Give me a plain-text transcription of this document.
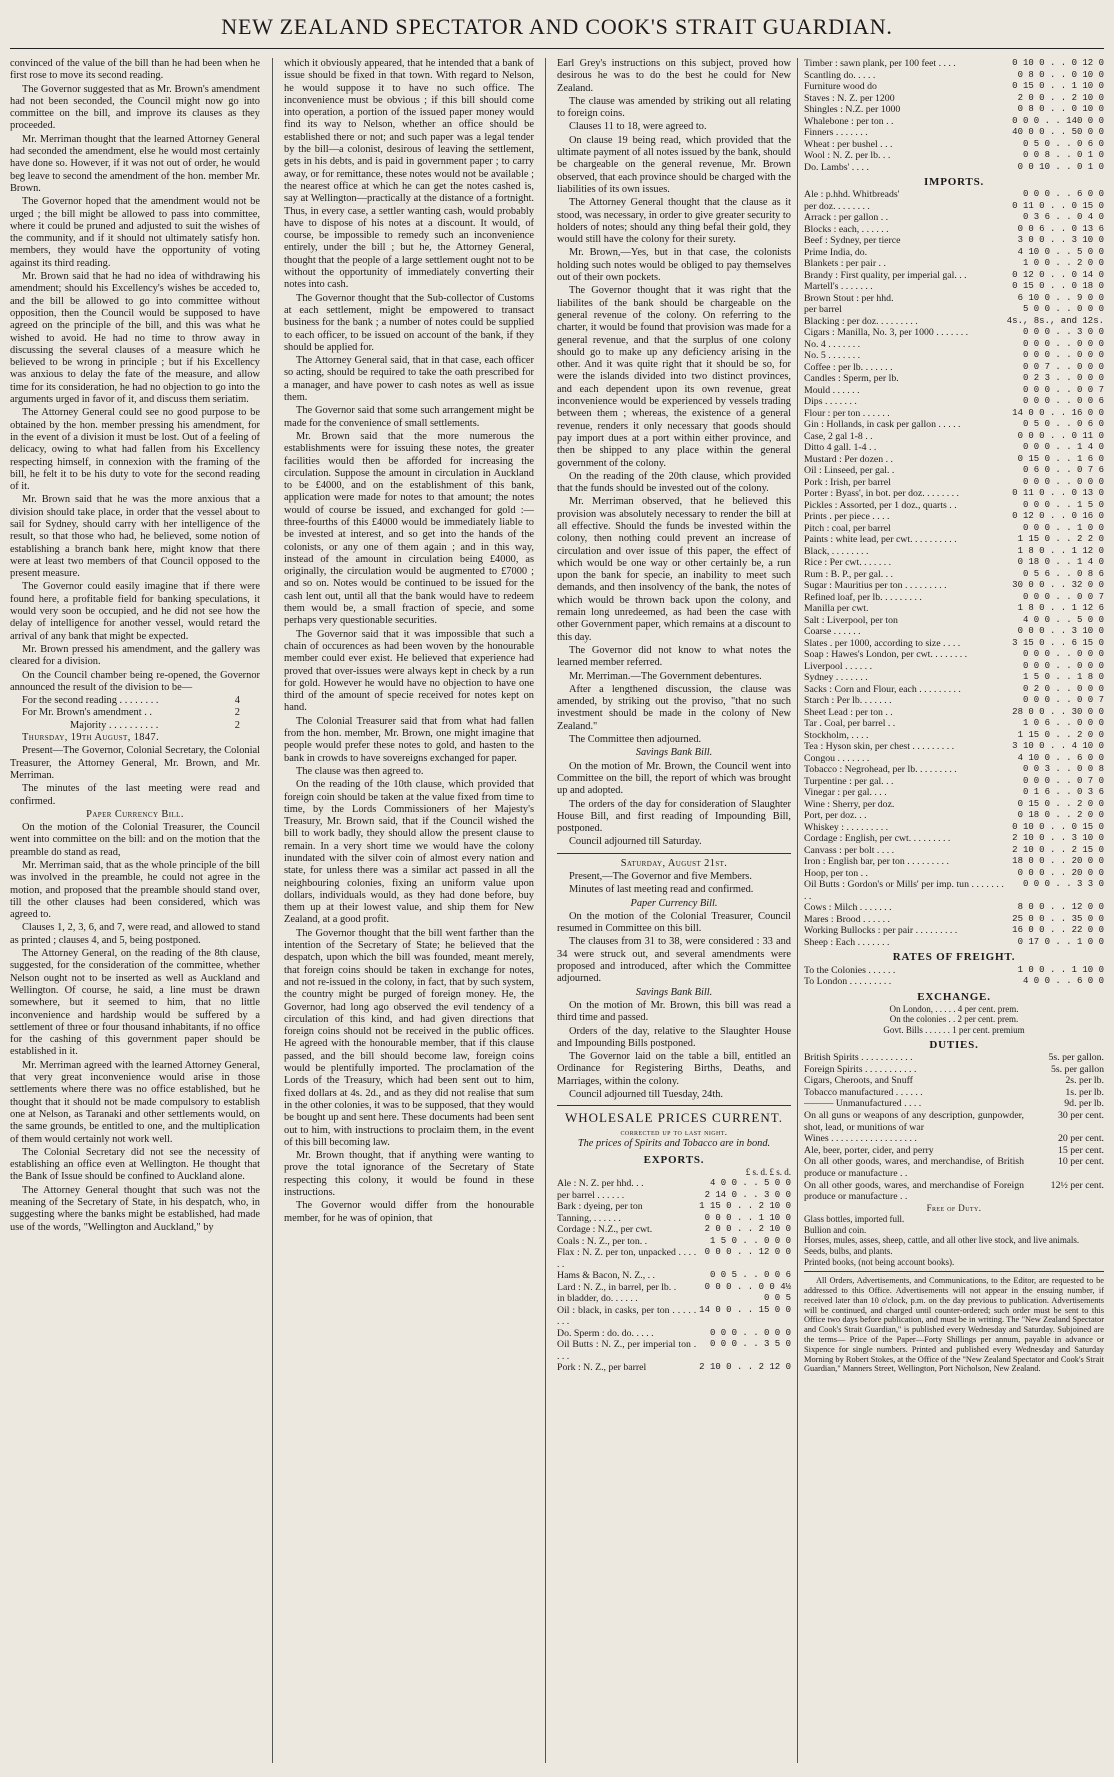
NEW ZEALAND SPECTATOR AND COOK'S STRAIT GUARDIAN.

convinced of the value of the bill than he had been when he first rose to move its second reading.

The Governor suggested that as Mr. Brown's amendment had not been seconded, the Council might now go into committee on the bill, and improve its clauses as they proceeded.

Mr. Merriman thought that the learned Attorney General had seconded the amendment, else he would most certainly have done so. However, if it was not out of order, he would beg leave to second the amendment of the hon. member Mr. Brown.

The Governor hoped that the amendment would not be urged ; the bill might be allowed to pass into committee, where it could be pruned and adjusted to suit the wishes of the community, and if it should not ultimately satisfy hon. members, they would have the opportunity of voting against its third reading.

Mr. Brown said that he had no idea of withdrawing his amendment; should his Excellency's wishes be acceded to, and the bill be allowed to go into committee without opposition, then the Council would be supposed to have agreed on the principle of the bill, and this was what he wished to avoid. He had no time to throw away in discussing the several clauses of a measure which he believed to be wrong in principle ; but if his Excellency was anxious to delay the fate of the measure, and allow time for its consideration, he had no objection to go into the arguments urged in favor of it, and discuss them seriatim.

The Attorney General could see no good purpose to be obtained by the hon. member pressing his amendment, for in the event of a division it must be lost. Out of a feeling of delicacy, owing to what had fallen from his Excellency respecting himself, in connexion with the framing of the bill, he felt it to be his duty to vote for the second reading of it.

Mr. Brown said that he was the more anxious that a division should take place, in order that the vessel about to sail for Sydney, should carry with her intelligence of the result, so that those who had, he believed, some notion of establishing a branch bank here, might know that there were at least two members of that Council opposed to the present measure.

The Governor could easily imagine that if there were found here, a profitable field for banking speculations, it would very soon be occupied, and he did not see how the delay of intelligence for another vessel, would retard the arrival of any bank that might be expected.

Mr. Brown pressed his amendment, and the gallery was cleared for a division.

On the Council chamber being re-opened, the Governor announced the result of the division to be—

For the second reading . . . . . . . .	4
For Mr. Brown's amendment . .	2
Majority . . . . . . . . . .	2

Thursday, 19th August, 1847.

Present—The Governor, Colonial Secretary, the Colonial Treasurer, the Attorney General, Mr. Brown, and Mr. Merriman.

The minutes of the last meeting were read and confirmed.

Paper Currency Bill.

On the motion of the Colonial Treasurer, the Council went into committee on the bill: and on the motion that the preamble do stand as read,

Mr. Merriman said, that as the whole principle of the bill was involved in the preamble, he could not agree in the motion, and proposed that the preamble should stand over, till the other clauses had been considered, which was agreed to.

Clauses 1, 2, 3, 6, and 7, were read, and allowed to stand as printed ; clauses 4, and 5, being postponed.

The Attorney General, on the reading of the 8th clause, suggested, for the consideration of the committee, whether Nelson ought not to be inserted as well as Auckland and Wellington. Of course, he said, a line must be drawn somewhere, but it seemed to him, that no little inconvenience and hardship would be suffered by a settlement of three or four thousand inhabitants, if no office for the cashing of this government paper should be established in it.

Mr. Merriman agreed with the learned Attorney General, that very great inconvenience would arise in those settlements where there was no office established, but he thought that it should not be made compulsory to establish one at Nelson, as Taranaki and other settlements would, on the same grounds, be entitled to one, and the multiplication of them would certainly not work well.

The Colonial Secretary did not see the necessity of establishing an office even at Wellington. He thought that the Bank of Issue should be confined to Auckland alone.

The Attorney General thought that such was not the meaning of the Secretary of State, in his despatch, who, in suggesting where the banks might be established, had made use of the words, "Wellington and Auckland," by

which it obviously appeared, that he intended that a bank of issue should be fixed in that town. With regard to Nelson, he would suppose it to have no such office. The inconvenience must be obvious ; if this bill should come into operation, a portion of the issued paper money would find its way to Nelson, whether an office should be established there or not; and such paper was a legal tender by the bill—a colonist, desirous of leaving the settlement, gets in his debts, and is paid in government paper ; to carry away, or for remittance, these notes would not be available ; the nearest office at which he can get the notes cashed is, say at Wellington—practically at the distance of a fortnight. Thus, in every case, a settler wanting cash, would probably have to dispose of his notes at a discount. It would, of course, be impossible to remedy such an inconvenience entirely, under the bill ; but he, the Attorney General, thought that the people of a large settlement ought not to be without the opportunity of immediately converting their notes into cash.

The Governor thought that the Sub-collector of Customs at each settlement, might be empowered to transact business for the bank ; a number of notes could be supplied to each officer, to be issued on account of the bank, if they should be applied for.

The Attorney General said, that in that case, each officer so acting, should be required to take the oath prescribed for a manager, and have power to cash notes as well as issue them.

The Governor said that some such arrangement might be made for the convenience of small settlements.

Mr. Brown said that the more numerous the establishments were for issuing these notes, the greater facilities would then be afforded for increasing the circulation. Suppose the amount in circulation in Auckland to be £4000, and on the establishment of this bank, application were made for notes to that amount; the notes would of course be issued, and exchanged for gold :—three-fourths of this £4000 would be immediately liable to be invested at interest, and so get into the hands of the colonists, or any one of them again ; and in this way, instead of the amount in circulation being £4000, as originally, the circulation would be augmented to £7000 ; and so on. Notes would be continued to be issued for the cash lent out, until all that the bank would have to redeem them would be, a small fraction of specie, and some perhaps very questionable securities.

The Governor said that it was impossible that such a chain of occurences as had been woven by the honourable member could ever exist. He believed that experience had proved that over-issues were always kept in check by a run for gold. However he would have no objection to have one third of the amount of specie received for notes kept on hand.

The Colonial Treasurer said that from what had fallen from the hon. member, Mr. Brown, one might imagine that people would prefer these notes to gold, and hasten to the bank in crowds to have sovereigns exchanged for paper.

The clause was then agreed to.

On the reading of the 10th clause, which provided that foreign coin should be taken at the value fixed from time to time, by the Lords Commissioners of her Majesty's Treasury, Mr. Brown said, that if the Council wished the bill to work badly, they should allow the present clause to remain. In a very short time we would have the colony inundated with the silver coin of almost every nation and state, for unless there was a similar act passed in all the neighbouring colonies, fixing an uniform value upon dollars, individuals would, as they had done before, buy them up at their lowest value, and ship them for New Zealand, at a good profit.

The Governor thought that the bill went farther than the intention of the Secretary of State; he believed that the despatch, upon which the bill was founded, meant merely, that foreign coins should be taken in exchange for notes, and not re-issued in the colony, in fact, that by such system, the country might be purged of foreign money. He, the Governor, had long ago observed the evil tendency of a circulation of this kind, and had given directions that foreign coins should not be received in the public offices. He agreed with the honourable member, that if this clause passed, and the bill should become law, foreign coins would be plentifully imported. The proclamation of the Lords of the Treasury, which had been sent out to him, fixed dollars at 4s. 2d., and as they did not realise that sum in the other colonies, it was to be supposed, that they would be bought up and sent here. These documents had been sent out to him, with instructions to proclaim them, in the event of this bill becoming law.

Mr. Brown thought, that if anything were wanting to prove the total ignorance of the Secretary of State respecting this colony, it would be found in these instructions.

The Governor would differ from the honourable member, for he was of opinion, that

Earl Grey's instructions on this subject, proved how desirous he was to do the best he could for New Zealand.

The clause was amended by striking out all relating to foreign coins.

Clauses 11 to 18, were agreed to.

On clause 19 being read, which provided that the ultimate payment of all notes issued by the bank, should be chargeable on the general revenue, Mr. Brown observed, that each province should be charged with the liabilities of its own issues.

The Attorney General thought that the clause as it stood, was necessary, in order to give greater security to holders of notes; should any thing befal their gold, they would still have the colony for their surety.

Mr. Brown,—Yes, but in that case, the colonists holding such notes would be obliged to pay themselves out of their own pockets.

The Governor thought that it was right that the liabilites of the bank should be chargeable on the general revenue of the colony. On referring to the charter, it would be found that provision was made for a general revenue, and that the surplus of one colony should go to make up any deficiency arising in the other. And it was quite right that it should be so, for were the islands divided into two distinct provinces, and each dependent upon its own revenue, great inconvenience would be experienced by vessels trading between them ; whereas, the existence of a general revenue, renders it only necessary that goods should pay import dues at a port within either province, and then be shipped to any place within the general government of the colony.

On the reading of the 20th clause, which provided that the funds should be invested out of the colony.

Mr. Merriman observed, that he believed this provision was absolutely necessary to render the bill at all effective. Should the funds be invested within the colony, then nothing could prevent an increase of circulation and over issue of this paper, the effect of which would be one way or other certainly be, a run upon the bank for specie, an inability to meet such demands, and then insolvency of the bank, the notes of which would be thrown back upon the colony, and remain long unredeemed, as had been the case with other Government paper, which remains at a discount to this day.

The Governor did not know to what notes the learned member referred.

Mr. Merriman.—The Government debentures.

After a lengthened discussion, the clause was amended, by striking out the proviso, "that no such investment should be made in the colony of New Zealand."

The Committee then adjourned.

Savings Bank Bill.

On the motion of Mr. Brown, the Council went into Committee on the bill, the report of which was brought up and adopted.

The orders of the day for consideration of Slaughter House Bill, and first reading of Impounding Bill, postponed.

Council adjourned till Saturday.

Saturday, August 21st.

Present,—The Governor and five Members.

Minutes of last meeting read and confirmed.

Paper Currency Bill.

On the motion of the Colonial Treasurer, Council resumed in Committee on this bill.

The clauses from 31 to 38, were considered : 33 and 34 were struck out, and several amendments were proposed and introduced, after which the Committee adjourned.

Savings Bank Bill.

On the motion of Mr. Brown, this bill was read a third time and passed.

Orders of the day, relative to the Slaughter House and Impounding Bills postponed.

The Governor laid on the table a bill, entitled an Ordinance for Registering Births, Deaths, and Marriages, within the colony.

Council adjourned till Tuesday, 24th.

WHOLESALE PRICES CURRENT.

corrected up to last night.

The prices of Spirits and Tobacco are in bond.

EXPORTS.

£ s. d. £ s. d.

Ale : N. Z. per hhd. . .	4 0 0 . . 5 0 0
per barrel . . . . . .	2 14 0 . . 3 0 0
Bark : dyeing, per ton	1 15 0 . . 2 10 0
Tanning, . . . . . .	0 0 0 . . 1 10 0
Cordage : N.Z., per cwt.	2 0 0 . . 2 10 0
Coals : N. Z., per ton. .	1 5 0 . . 0 0 0
Flax : N. Z. per ton, unpacked . . . . . .	0 0 0 . . 12 0 0
Hams & Bacon, N. Z., . .	0 0 5 . . 0 0 6
Lard : N. Z., in barrel, per lb. .	0 0 0 . . 0 0 4½
in bladder, do. . . . . .	0 0 5
Oil : black, in casks, per ton . . . . . . . .	14 0 0 . . 15 0 0
Do. Sperm : do. do. . . . .	0 0 0 . . 0 0 0
Oil Butts : N. Z., per imperial ton . . . .	0 0 0 . . 3 5 0
Pork : N. Z., per barrel	2 10 0 . . 2 12 0
Timber : sawn plank, per 100 feet . . . .	0 10 0 . . 0 12 0
Scantling do. . . . .	0 8 0 . . 0 10 0
Furniture wood do	0 15 0 . . 1 10 0
Staves : N. Z. per 1200	2 0 0 . . 2 10 0
Shingles : N.Z. per 1000	0 8 0 . . 0 10 0
Whalebone : per ton . .	0 0 0 . . 140 0 0
Finners . . . . . . .	40 0 0 . . 50 0 0
Wheat : per bushel . . .	0 5 0 . . 0 6 0
Wool : N. Z. per lb. . .	0 0 8 . . 0 1 0
Do. Lambs' . . . .	0 0 10 . . 0 1 0
IMPORTS.
Ale : p.hhd. Whitbreads'	0 0 0 . . 6 0 0
per doz. . . . . . . .	0 11 0 . . 0 15 0
Arrack : per gallon . .	0 3 6 . . 0 4 0
Blocks : each, . . . . . .	0 0 6 . . 0 13 6
Beef : Sydney, per tierce	3 0 0 . . 3 10 0
Prime India, do.	4 10 0 . . 5 0 0
Blankets : per pair . .	1 0 0 . . 2 0 0
Brandy : First quality, per imperial gal. . .	0 12 0 . . 0 14 0
Martell's . . . . . . .	0 15 0 . . 0 18 0
Brown Stout : per hhd.	6 10 0 . . 9 0 0
per barrel	5 0 0 . . 0 0 0
Blacking : per doz. . . . . . . . .	4s., 8s., and 12s.
Cigars : Manilla, No. 3, per 1000 . . . . . . .	0 0 0 . . 3 0 0
No. 4 . . . . . . .	0 0 0 . . 0 0 0
No. 5 . . . . . . .	0 0 0 . . 0 0 0
Coffee : per lb. . . . . . .	0 0 7 . . 0 0 0
Candles : Sperm, per lb.	0 2 3 . . 0 0 0
Mould . . . . . .	0 0 0 . . 0 0 7
Dips . . . . . . .	0 0 0 . . 0 0 6
Flour : per ton . . . . . .	14 0 0 . . 16 0 0
Gin : Hollands, in cask per gallon . . . . .	0 5 0 . . 0 6 0
Case, 2 gal 1-8 . .	0 0 0 . . 0 11 0
Ditto 4 gall. 1-4 . .	0 0 0 . . 1 4 0
Mustard : Per dozen . .	0 15 0 . . 1 6 0
Oil : Linseed, per gal. .	0 6 0 . . 0 7 6
Pork : Irish, per barrel	0 0 0 . . 0 0 0
Porter : Byass', in bot. per doz. . . . . . . .	0 11 0 . . 0 13 0
Pickles : Assorted, per 1 doz., quarts . .	0 0 0 . . 1 5 0
Prints . per piece . . . .	0 12 0 . . 0 16 0
Pitch : coal, per barrel	0 0 0 . . 1 0 0
Paints : white lead, per cwt. . . . . . . . . .	1 15 0 . . 2 2 0
Black, . . . . . . . .	1 8 0 . . 1 12 0
Rice : Per cwt. . . . . . .	0 18 0 . . 1 4 0
Rum : B. P., per gal. . .	0 5 6 . . 0 8 6
Sugar : Mauritius per ton . . . . . . . . .	30 0 0 . . 32 0 0
Refined loaf, per lb. . . . . . . . .	0 0 0 . . 0 0 7
Manilla per cwt.	1 8 0 . . 1 12 6
Salt : Liverpool, per ton	4 0 0 . . 5 0 0
Coarse . . . . . .	0 0 0 . . 3 10 0
Slates . per 1000, according to size . . . .	3 15 0 . . 6 15 0
Soap : Hawes's London, per cwt. . . . . . . .	0 0 0 . . 0 0 0
Liverpool . . . . . .	0 0 0 . . 0 0 0
Sydney . . . . . . .	1 5 0 . . 1 8 0
Sacks : Corn and Flour, each . . . . . . . . .	0 2 0 . . 0 0 0
Starch : Per lb. . . . . . .	0 0 0 . . 0 0 7
Sheet Lead : per ton . .	28 0 0 . . 30 0 0
Tar . Coal, per barrel . .	1 0 6 . . 0 0 0
Stockholm, . . . .	1 15 0 . . 2 0 0
Tea : Hyson skin, per chest . . . . . . . . .	3 10 0 . . 4 10 0
Congou . . . . . . .	4 10 0 . . 6 0 0
Tobacco : Negrohead, per lb. . . . . . . . .	0 0 3 . . 0 0 8
Turpentine : per gal. . .	0 0 0 . . 0 7 0
Vinegar : per gal. . . .	0 1 6 . . 0 3 6
Wine : Sherry, per doz.	0 15 0 . . 2 0 0
Port, per doz. . .	0 18 0 . . 2 0 0
Whiskey : . . . . . . . . .	0 10 0 . . 0 15 0
Cordage : English, per cwt. . . . . . . . .	2 10 0 . . 3 10 0
Canvass : per bolt . . . .	2 10 0 . . 2 15 0
Iron : English bar, per ton . . . . . . . . .	18 0 0 . . 20 0 0
Hoop, per ton . .	0 0 0 . . 20 0 0
Oil Butts : Gordon's or Mills' per imp. tun . . . . . . . . .	0 0 0 . . 3 3 0
Cows : Milch . . . . . . .	8 0 0 . . 12 0 0
Mares : Brood . . . . . .	25 0 0 . . 35 0 0
Working Bullocks : per pair . . . . . . . . .	16 0 0 . . 22 0 0
Sheep : Each . . . . . . .	0 17 0 . . 1 0 0
RATES OF FREIGHT.
To the Colonies . . . . . .	1 0 0 . . 1 10 0
To London . . . . . . . . .	4 0 0 . . 6 0 0
EXCHANGE.
On London, . . . . . 4 per cent. prem.
On the colonies . . 2 per cent. prem.
Govt. Bills . . . . . . 1 per cent. premium
DUTIES.
British Spirits . . . . . . . . . . .	5s. per gallon.
Foreign Spirits . . . . . . . . . . .	5s. per gallon
Cigars, Cheroots, and Snuff	2s. per lb.
Tobacco manufactured . . . . . .	1s. per lb.
——— Unmanufactured . . . .	9d. per lb.
On all guns or weapons of any description, gunpowder, shot, lead, or munitions of war
30 per cent.
Wines . . . . . . . . . . . . . . . . . .	20 per cent.
Ale, beer, porter, cider, and perry	15 per cent.
On all other goods, wares, and merchandise, of British produce or manufacture . .
10 per cent.
On all other goods, wares, and merchandise of Foreign produce or manufacture . .
12½ per cent.

Free of Duty.

Glass bottles, imported full.
Bullion and coin.
Horses, mules, asses, sheep, cattle, and all other live stock, and live animals.
Seeds, bulbs, and plants.
Printed books, (not being account books).

All Orders, Advertisements, and Communications, to the Editor, are requested to be addressed to this Office. Advertisements will not appear in the ensuing number, if received later than 10 o'clock, p.m. on the day previous to publication. Advertisements will be continued, and charged until counter-ordered; such order must be sent to this Office two days before publication, and must be in writing. The "New Zealand Spectator and Cook's Strait Guardian," is published every Wednesday and Saturday. Subjoined are the terms— Price of the Paper—Forty Shillings per annum, payable in advance or Sixpence for single numbers. Printed and published every Wednesday and Saturday Morning by Robert Stokes, at the Office of the "New Zealand Spectator and Cook's Strait Guardian," Manners Street, Wellington, Port Nicholson, New Zealand.
